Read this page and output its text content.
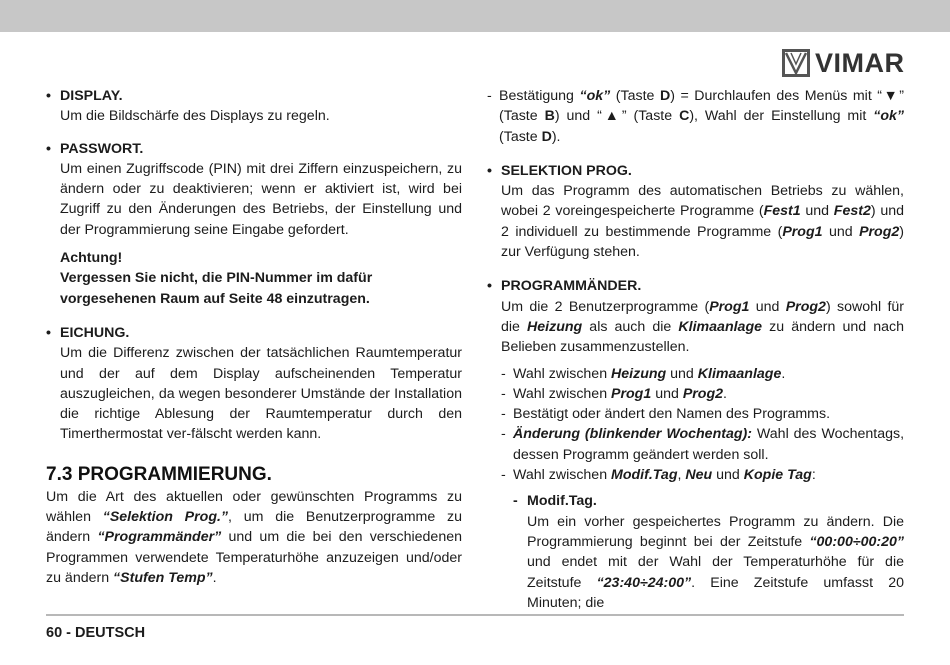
VIMAR
• DISPLAY.
Um die Bildschärfe des Displays zu regeln.
• PASSWORT.
Um einen Zugriffscode (PIN) mit drei Ziffern einzuspeichern, zu ändern oder zu deaktivieren; wenn er aktiviert ist, wird bei Zugriff zu den Änderungen des Betriebs, der Einstellung und der Programmierung seine Eingabe gefordert.
Achtung!
Vergessen Sie nicht, die PIN-Nummer im dafür vorgesehenen Raum auf Seite 48 einzutragen.
• EICHUNG.
Um die Differenz zwischen der tatsächlichen Raumtemperatur und der auf dem Display aufscheinenden Temperatur auszugleichen, da wegen besonderer Umstände der Installation die richtige Ablesung der Raumtemperatur durch den Timerthermostat ver-fälscht werden kann.
7.3 PROGRAMMIERUNG.
Um die Art des aktuellen oder gewünschten Programms zu wählen “Selektion Prog.”, um die Benutzerprogramme zu ändern “Programmänder” und um die bei den verschiedenen Programmen verwendete Temperaturhöhe anzuzeigen und/oder zu ändern “Stufen Temp”.
- Bestätigung “ok” (Taste D) = Durchlaufen des Menüs mit “▼” (Taste B) und “▲” (Taste C), Wahl der Einstellung mit “ok” (Taste D).
• SELEKTION PROG.
Um das Programm des automatischen Betriebs zu wählen, wobei 2 voreingespeicherte Programme (Fest1 und Fest2) und 2 individuell zu bestimmende Programme (Prog1 und Prog2) zur Verfügung stehen.
• PROGRAMMÄNDER.
Um die 2 Benutzerprogramme (Prog1 und Prog2) sowohl für die Heizung als auch die Klimaanlage zu ändern und nach Belieben zusammenzustellen.
- Wahl zwischen Heizung und Klimaanlage.
- Wahl zwischen Prog1 und Prog2.
- Bestätigt oder ändert den Namen des Programms.
- Änderung (blinkender Wochentag): Wahl des Wochentags, dessen Programm geändert werden soll.
- Wahl zwischen Modif.Tag, Neu und Kopie Tag:
- Modif.Tag.
Um ein vorher gespeichertes Programm zu ändern. Die Programmierung beginnt bei der Zeitstufe “00:00÷00:20” und endet mit der Wahl der Temperaturhöhe für die Zeitstufe “23:40÷24:00”. Eine Zeitstufe umfasst 20 Minuten; die
60 - DEUTSCH
